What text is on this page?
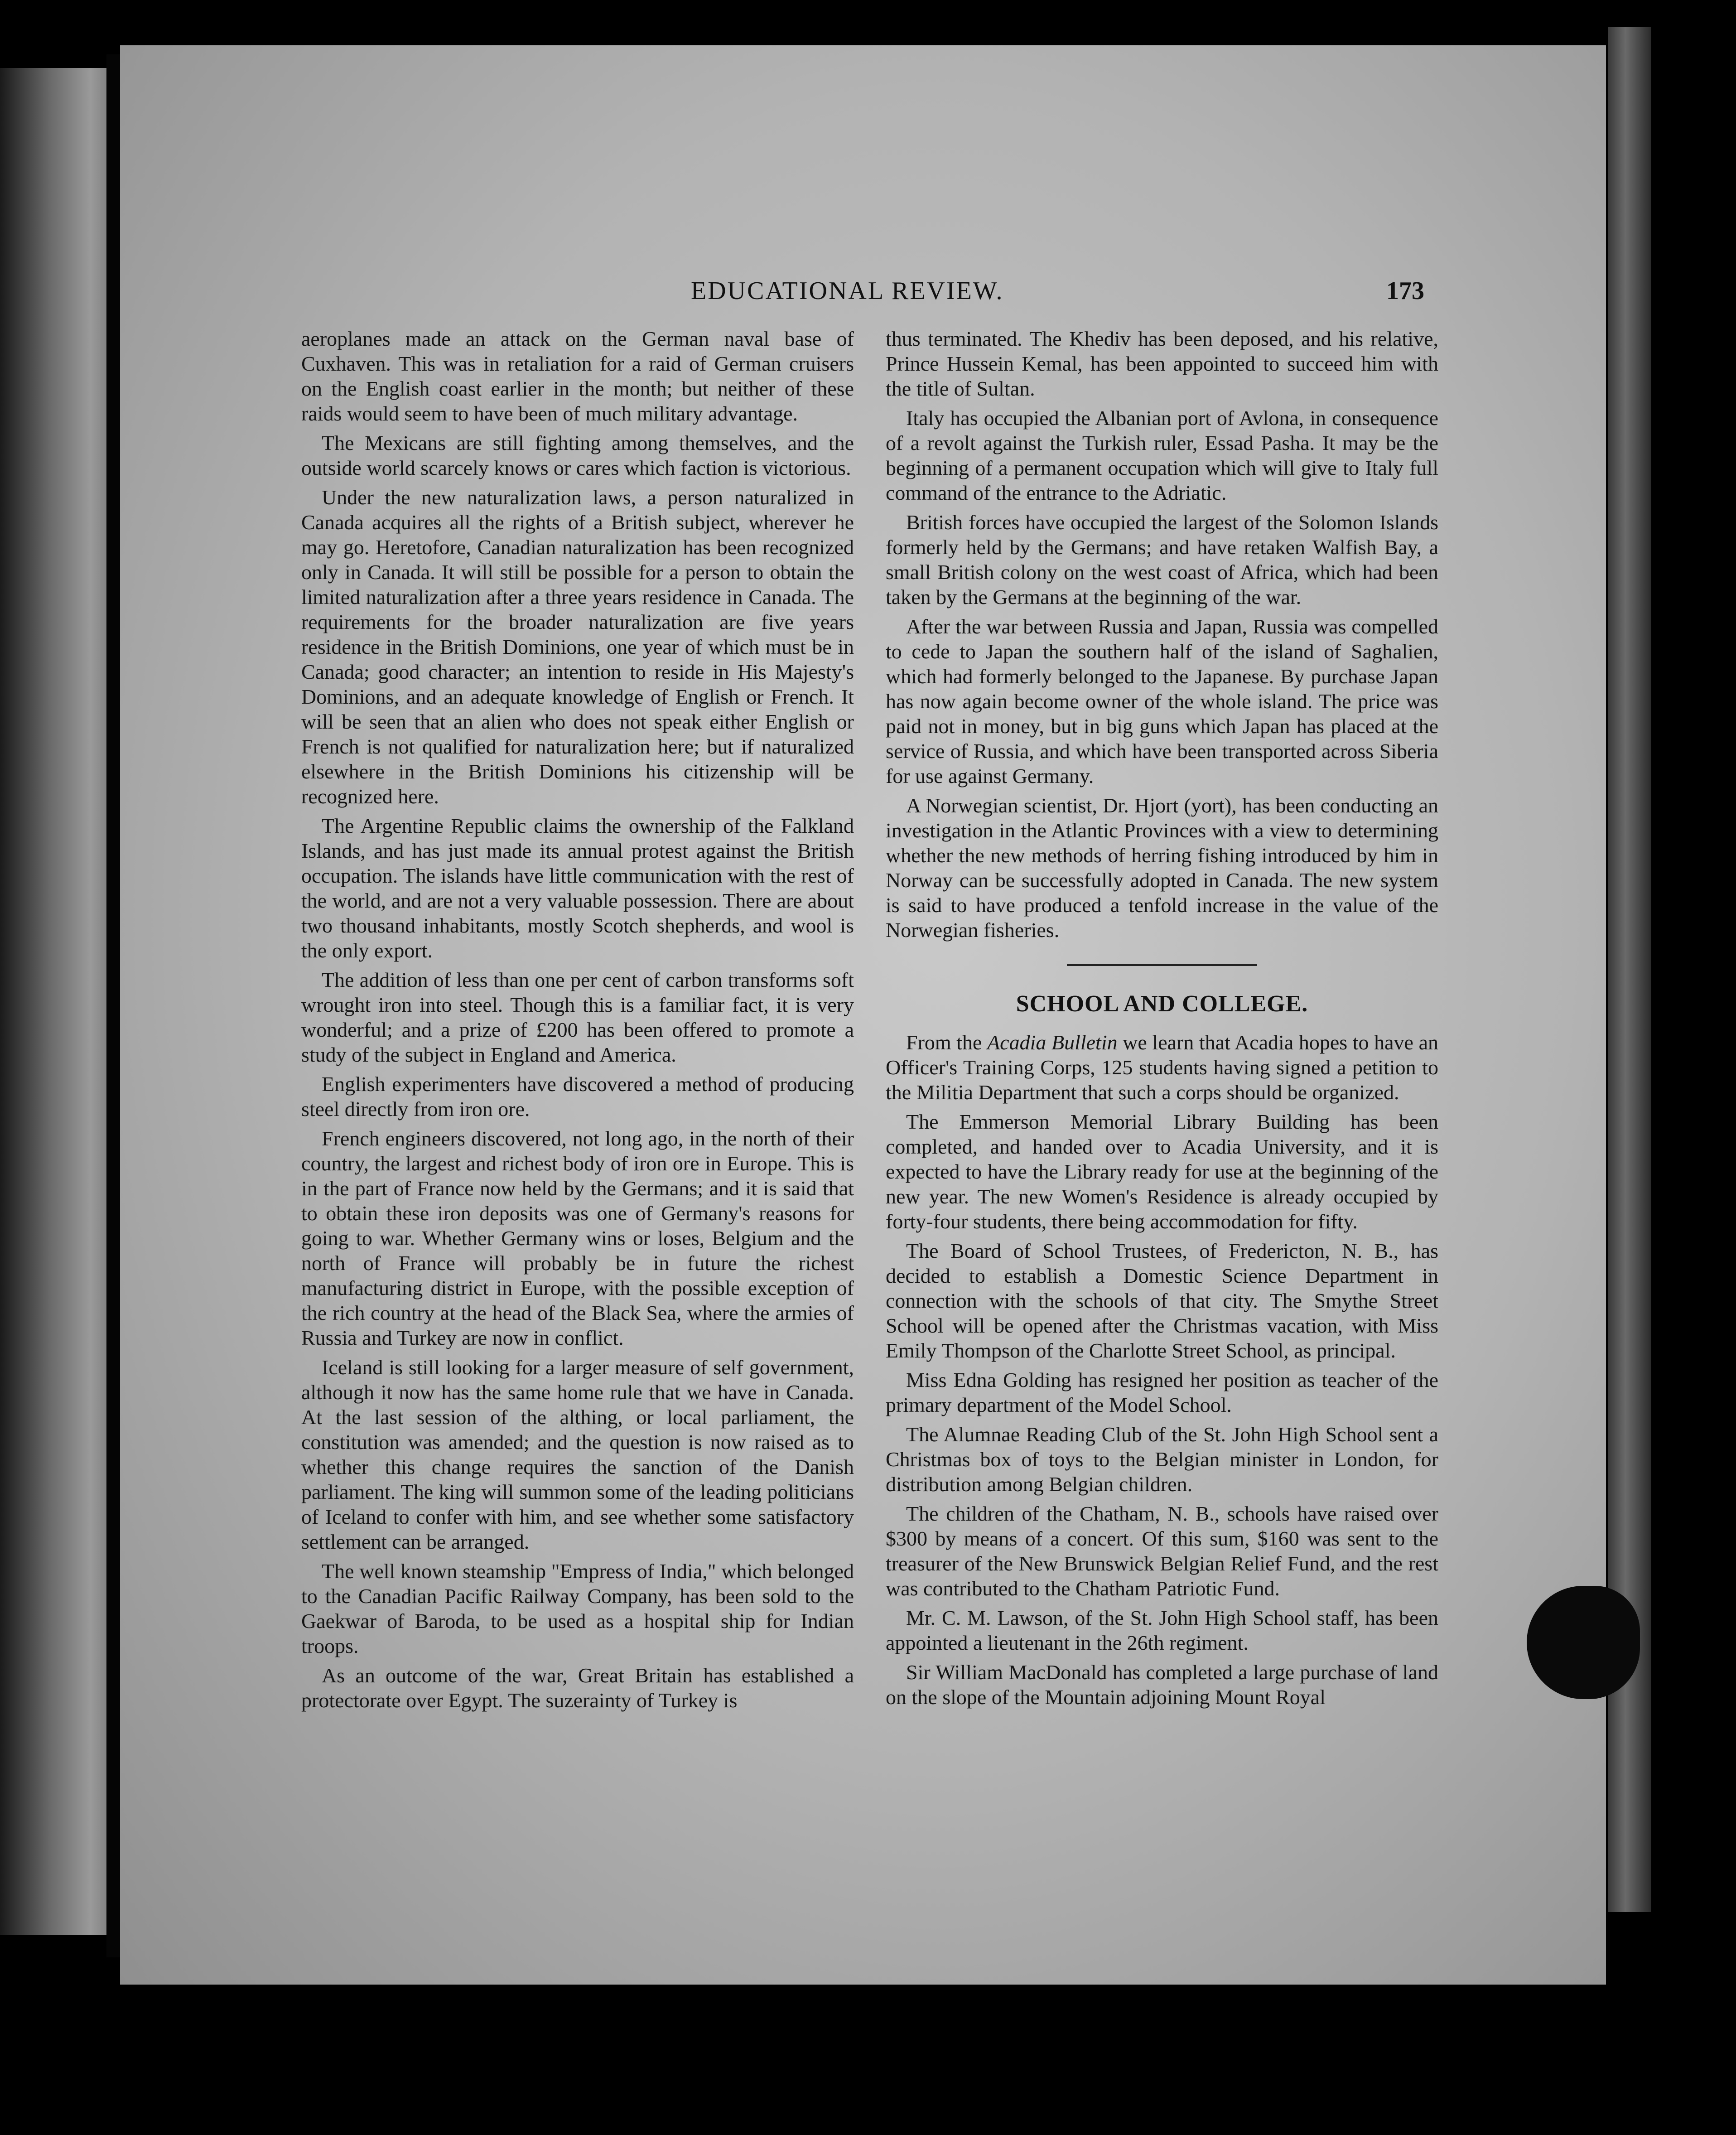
EDUCATIONAL REVIEW.	173

aeroplanes made an attack on the German naval base of Cuxhaven. This was in retaliation for a raid of German cruisers on the English coast earlier in the month; but neither of these raids would seem to have been of much military advantage.

The Mexicans are still fighting among themselves, and the outside world scarcely knows or cares which faction is victorious.

Under the new naturalization laws, a person naturalized in Canada acquires all the rights of a British subject, wherever he may go. Heretofore, Canadian naturalization has been recognized only in Canada. It will still be possible for a person to obtain the limited naturalization after a three years residence in Canada. The requirements for the broader naturalization are five years residence in the British Dominions, one year of which must be in Canada; good character; an intention to reside in His Majesty's Dominions, and an adequate knowledge of English or French. It will be seen that an alien who does not speak either English or French is not qualified for naturalization here; but if naturalized elsewhere in the British Dominions his citizenship will be recognized here.

The Argentine Republic claims the ownership of the Falkland Islands, and has just made its annual protest against the British occupation. The islands have little communication with the rest of the world, and are not a very valuable possession. There are about two thousand inhabitants, mostly Scotch shepherds, and wool is the only export.

The addition of less than one per cent of carbon transforms soft wrought iron into steel. Though this is a familiar fact, it is very wonderful; and a prize of £200 has been offered to promote a study of the subject in England and America.

English experimenters have discovered a method of producing steel directly from iron ore.

French engineers discovered, not long ago, in the north of their country, the largest and richest body of iron ore in Europe. This is in the part of France now held by the Germans; and it is said that to obtain these iron deposits was one of Germany's reasons for going to war. Whether Germany wins or loses, Belgium and the north of France will probably be in future the richest manufacturing district in Europe, with the possible exception of the rich country at the head of the Black Sea, where the armies of Russia and Turkey are now in conflict.

Iceland is still looking for a larger measure of self government, although it now has the same home rule that we have in Canada. At the last session of the althing, or local parliament, the constitution was amended; and the question is now raised as to whether this change requires the sanction of the Danish parliament. The king will summon some of the leading politicians of Iceland to confer with him, and see whether some satisfactory settlement can be arranged.

The well known steamship "Empress of India," which belonged to the Canadian Pacific Railway Company, has been sold to the Gaekwar of Baroda, to be used as a hospital ship for Indian troops.

As an outcome of the war, Great Britain has established a protectorate over Egypt. The suzerainty of Turkey is

thus terminated. The Khediv has been deposed, and his relative, Prince Hussein Kemal, has been appointed to succeed him with the title of Sultan.

Italy has occupied the Albanian port of Avlona, in consequence of a revolt against the Turkish ruler, Essad Pasha. It may be the beginning of a permanent occupation which will give to Italy full command of the entrance to the Adriatic.

British forces have occupied the largest of the Solomon Islands formerly held by the Germans; and have retaken Walfish Bay, a small British colony on the west coast of Africa, which had been taken by the Germans at the beginning of the war.

After the war between Russia and Japan, Russia was compelled to cede to Japan the southern half of the island of Saghalien, which had formerly belonged to the Japanese. By purchase Japan has now again become owner of the whole island. The price was paid not in money, but in big guns which Japan has placed at the service of Russia, and which have been transported across Siberia for use against Germany.

A Norwegian scientist, Dr. Hjort (yort), has been conducting an investigation in the Atlantic Provinces with a view to determining whether the new methods of herring fishing introduced by him in Norway can be successfully adopted in Canada. The new system is said to have produced a tenfold increase in the value of the Norwegian fisheries.

SCHOOL AND COLLEGE.

From the Acadia Bulletin we learn that Acadia hopes to have an Officer's Training Corps, 125 students having signed a petition to the Militia Department that such a corps should be organized.

The Emmerson Memorial Library Building has been completed, and handed over to Acadia University, and it is expected to have the Library ready for use at the beginning of the new year. The new Women's Residence is already occupied by forty-four students, there being accommodation for fifty.

The Board of School Trustees, of Fredericton, N. B., has decided to establish a Domestic Science Department in connection with the schools of that city. The Smythe Street School will be opened after the Christmas vacation, with Miss Emily Thompson of the Charlotte Street School, as principal.

Miss Edna Golding has resigned her position as teacher of the primary department of the Model School.

The Alumnae Reading Club of the St. John High School sent a Christmas box of toys to the Belgian minister in London, for distribution among Belgian children.

The children of the Chatham, N. B., schools have raised over $300 by means of a concert. Of this sum, $160 was sent to the treasurer of the New Brunswick Belgian Relief Fund, and the rest was contributed to the Chatham Patriotic Fund.

Mr. C. M. Lawson, of the St. John High School staff, has been appointed a lieutenant in the 26th regiment.

Sir William MacDonald has completed a large purchase of land on the slope of the Mountain adjoining Mount Royal
